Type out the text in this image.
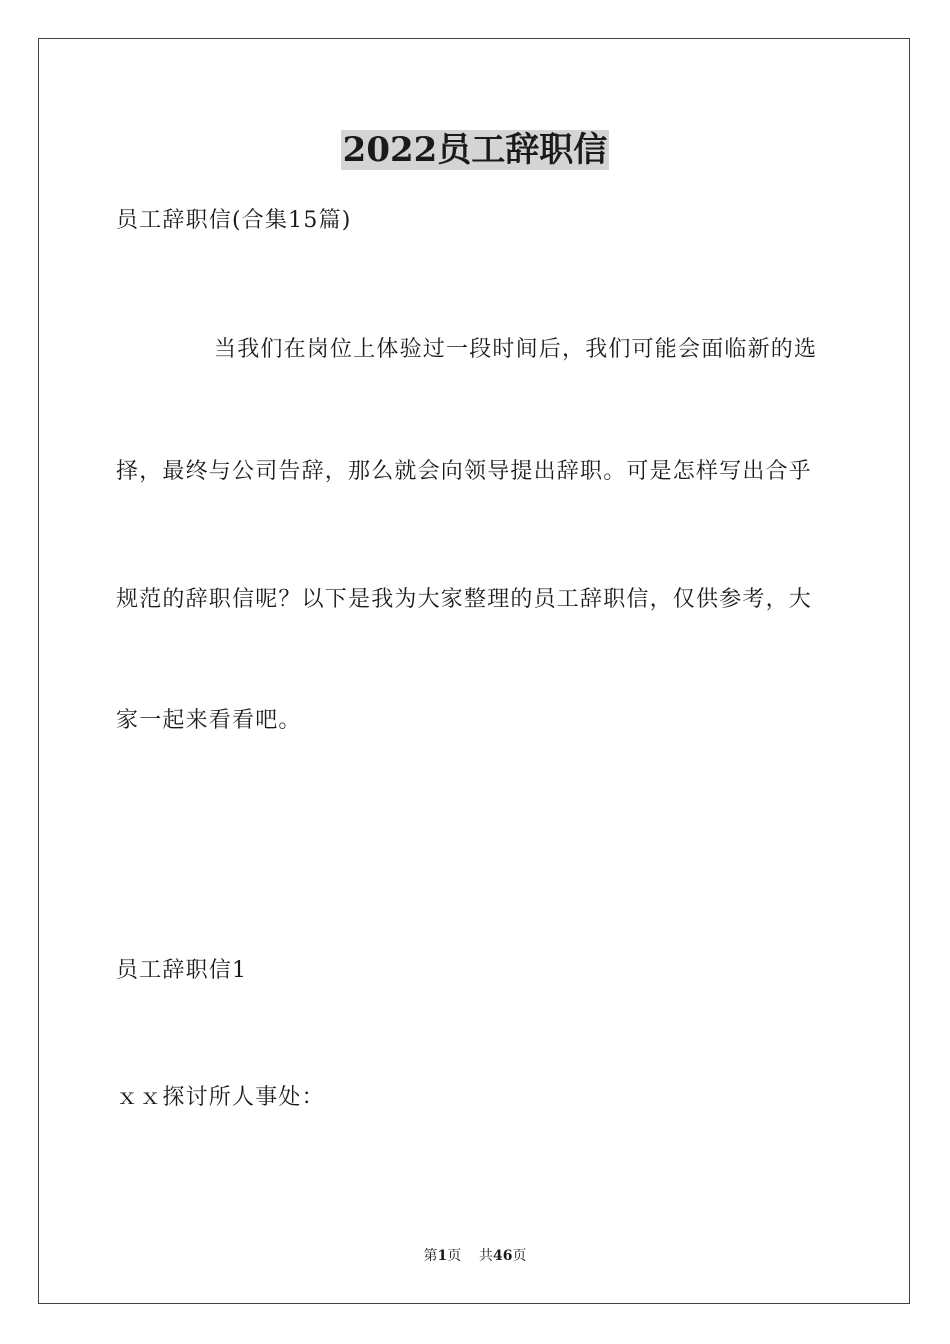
2022员工辞职信
员工辞职信(合集15篇)
当我们在岗位上体验过一段时间后，我们可能会面临新的选
择，最终与公司告辞，那么就会向领导提出辞职。可是怎样写出合乎
规范的辞职信呢？以下是我为大家整理的员工辞职信，仅供参考，大
家一起来看看吧。
员工辞职信1
ｘｘ探讨所人事处：
第1页 共46页
